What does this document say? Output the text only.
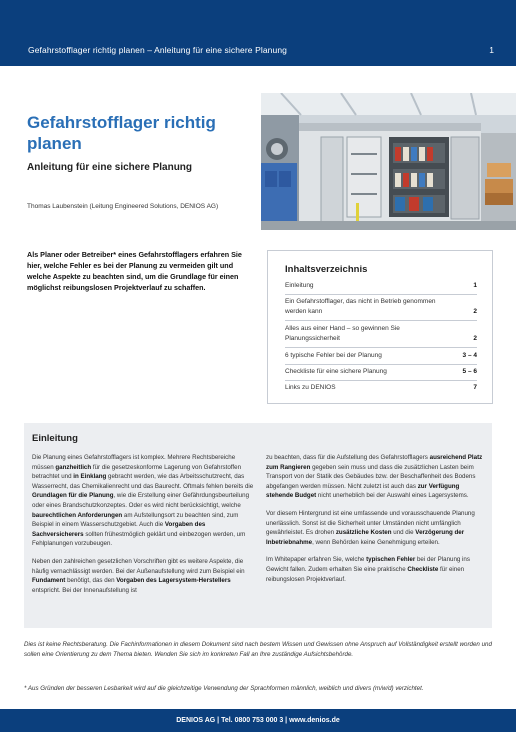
Gefahrstofflager richtig planen – Anleitung für eine sichere Planung	1
Gefahrstofflager richtig planen
Anleitung für eine sichere Planung
Thomas Laubenstein (Leitung Engineered Solutions, DENIOS AG)
Als Planer oder Betreiber* eines Gefahrstofflagers erfahren Sie hier, welche Fehler es bei der Planung zu vermeiden gilt und welche Aspekte zu beachten sind, um die Grundlage für einen möglichst reibungslosen Projektverlauf zu schaffen.
Inhaltsverzeichnis
Einleitung	1
Ein Gefahrstofflager, das nicht in Betrieb genommen werden kann	2
Alles aus einer Hand – so gewinnen Sie Planungssicherheit	2
6 typische Fehler bei der Planung	3 – 4
Checkliste für eine sichere Planung	5 – 6
Links zu DENIOS	7
Einleitung

Die Planung eines Gefahrstofflagers ist komplex. Mehrere Rechtsbereiche müssen ganzheitlich für die gesetzeskonforme Lagerung von Gefahrstoffen betrachtet und in Einklang gebracht werden, wie das Arbeitsschutzrecht, das Wasserrecht, das Chemikalienrecht und das Baurecht. Oftmals fehlen bereits die Grundlagen für die Planung, wie die Erstellung einer Gefährdungsbeurteilung oder eines Brandschutzkonzeptes. Oder es wird nicht berücksichtigt, welche baurechtlichen Anforderungen am Aufstellungsort zu beachten sind, zum Beispiel in einem Wasserschutzgebiet. Auch die Vorgaben des Sachversicherers sollten frühestmöglich geklärt und einbezogen werden, um Fehlplanungen vorzubeugen.

Neben den zahlreichen gesetzlichen Vorschriften gibt es weitere Aspekte, die häufig vernachlässigt werden. Bei der Außenaufstellung wird zum Beispiel ein Fundament benötigt, das den Vorgaben des Lagersystem-Herstellers entspricht. Bei der Innenaufstellung ist

zu beachten, dass für die Aufstellung des Gefahrstofflagers ausreichend Platz zum Rangieren gegeben sein muss und dass die zusätzlichen Lasten beim Transport von der Statik des Gebäudes bzw. der Beschaffenheit des Bodens abgefangen werden müssen. Nicht zuletzt ist auch das zur Verfügung stehende Budget nicht unerheblich bei der Auswahl eines Lagersystems.

Vor diesem Hintergrund ist eine umfassende und vorausschauende Planung unerlässlich. Sonst ist die Sicherheit unter Umständen nicht umfänglich gewährleistet. Es drohen zusätzliche Kosten und die Verzögerung der Inbetriebnahme, wenn Behörden keine Genehmigung erteilen.

Im Whitepaper erfahren Sie, welche typischen Fehler bei der Planung ins Gewicht fallen. Zudem erhalten Sie eine praktische Checkliste für einen reibungslosen Projektverlauf.

Dies ist keine Rechtsberatung. Die Fachinformationen in diesem Dokument sind nach bestem Wissen und Gewissen ohne Anspruch auf Vollständigkeit erstellt worden und sollen eine Orientierung zu dem Thema bieten. Wenden Sie sich im konkreten Fall an Ihre zuständige Aufsichtsbehörde.
* Aus Gründen der besseren Lesbarkeit wird auf die gleichzeitige Verwendung der Sprachformen männlich, weiblich und divers (m/w/d) verzichtet.
DENIOS AG | Tel. 0800 753 000 3 | www.denios.de
